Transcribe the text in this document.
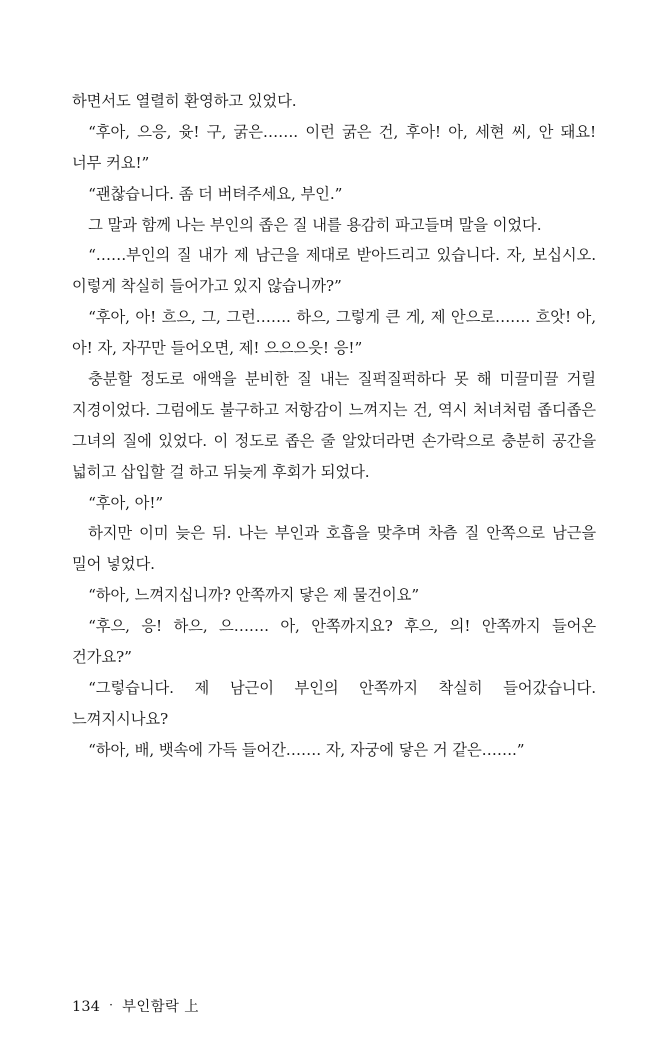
하면서도 열렬히 환영하고 있었다.

“후아, 으응, 윳! 구, 굵은……. 이런 굵은 건, 후아! 아, 세현 씨, 안 돼요! 너무 커요!”

“괜찮습니다. 좀 더 버텨주세요, 부인.”

그 말과 함께 나는 부인의 좁은 질 내를 용감히 파고들며 말을 이었다.

“……부인의 질 내가 제 남근을 제대로 받아드리고 있습니다. 자, 보십시오. 이렇게 착실히 들어가고 있지 않습니까?”

“후아, 아! 흐으, 그, 그런……. 하으, 그렇게 큰 게, 제 안으로……. 흐앗! 아, 아! 자, 자꾸만 들어오면, 제! 으으으읏! 응!”

충분할 정도로 애액을 분비한 질 내는 질퍽질퍽하다 못 해 미끌미끌 거릴 지경이었다. 그럼에도 불구하고 저항감이 느껴지는 건, 역시 처녀처럼 좁디좁은 그녀의 질에 있었다. 이 정도로 좁은 줄 알았더라면 손가락으로 충분히 공간을 넓히고 삽입할 걸 하고 뒤늦게 후회가 되었다.

“후아, 아!”

하지만 이미 늦은 뒤. 나는 부인과 호흡을 맞추며 차츰 질 안쪽으로 남근을 밀어 넣었다.

“하아, 느껴지십니까? 안쪽까지 닿은 제 물건이요”

“후으, 응! 하으, 으……. 아, 안쪽까지요? 후으, 의! 안쪽까지 들어온 건가요?”

“그렇습니다. 제 남근이 부인의 안쪽까지 착실히 들어갔습니다. 느껴지시나요?

“하아, 배, 뱃속에 가득 들어간……. 자, 자궁에 닿은 거 같은…….”

134 · 부인함락 上
